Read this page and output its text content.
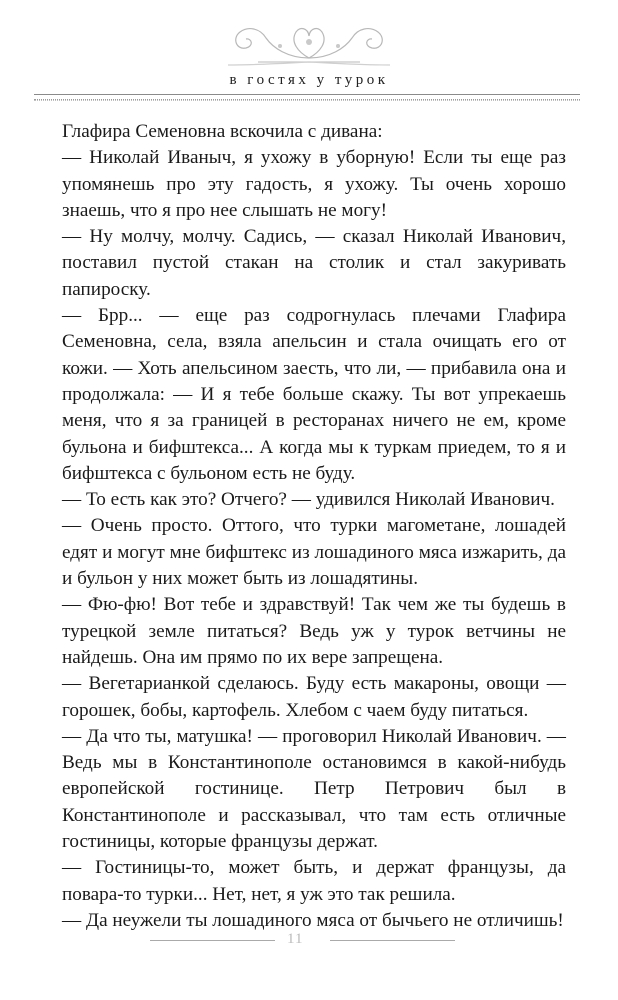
в гостях у турок

Глафира Семеновна вскочила с дивана:

— Николай Иваныч, я ухожу в уборную! Если ты еще раз упомянешь про эту гадость, я ухожу. Ты очень хорошо знаешь, что я про нее слышать не могу!

— Ну молчу, молчу. Садись, — сказал Николай Иванович, поставил пустой стакан на столик и стал закуривать папироску.

— Брр... — еще раз содрогнулась плечами Глафира Семеновна, села, взяла апельсин и стала очищать его от кожи. — Хоть апельсином заесть, что ли, — прибавила она и продолжала: — И я тебе больше скажу. Ты вот упрекаешь меня, что я за границей в ресторанах ничего не ем, кроме бульона и бифштекса... А когда мы к туркам приедем, то я и бифштекса с бульоном есть не буду.

— То есть как это? Отчего? — удивился Николай Иванович.

— Очень просто. Оттого, что турки магометане, лошадей едят и могут мне бифштекс из лошадиного мяса изжарить, да и бульон у них может быть из лошадятины.

— Фю-фю! Вот тебе и здравствуй! Так чем же ты будешь в турецкой земле питаться? Ведь уж у турок ветчины не найдешь. Она им прямо по их вере запрещена.

— Вегетарианкой сделаюсь. Буду есть макароны, овощи — горошек, бобы, картофель. Хлебом с чаем буду питаться.

— Да что ты, матушка! — проговорил Николай Иванович. — Ведь мы в Константинополе остановимся в какой-нибудь европейской гостинице. Петр Петрович был в Константинополе и рассказывал, что там есть отличные гостиницы, которые французы держат.

— Гостиницы-то, может быть, и держат французы, да повара-то турки... Нет, нет, я уж это так решила.

— Да неужели ты лошадиного мяса от бычьего не отличишь!

11
